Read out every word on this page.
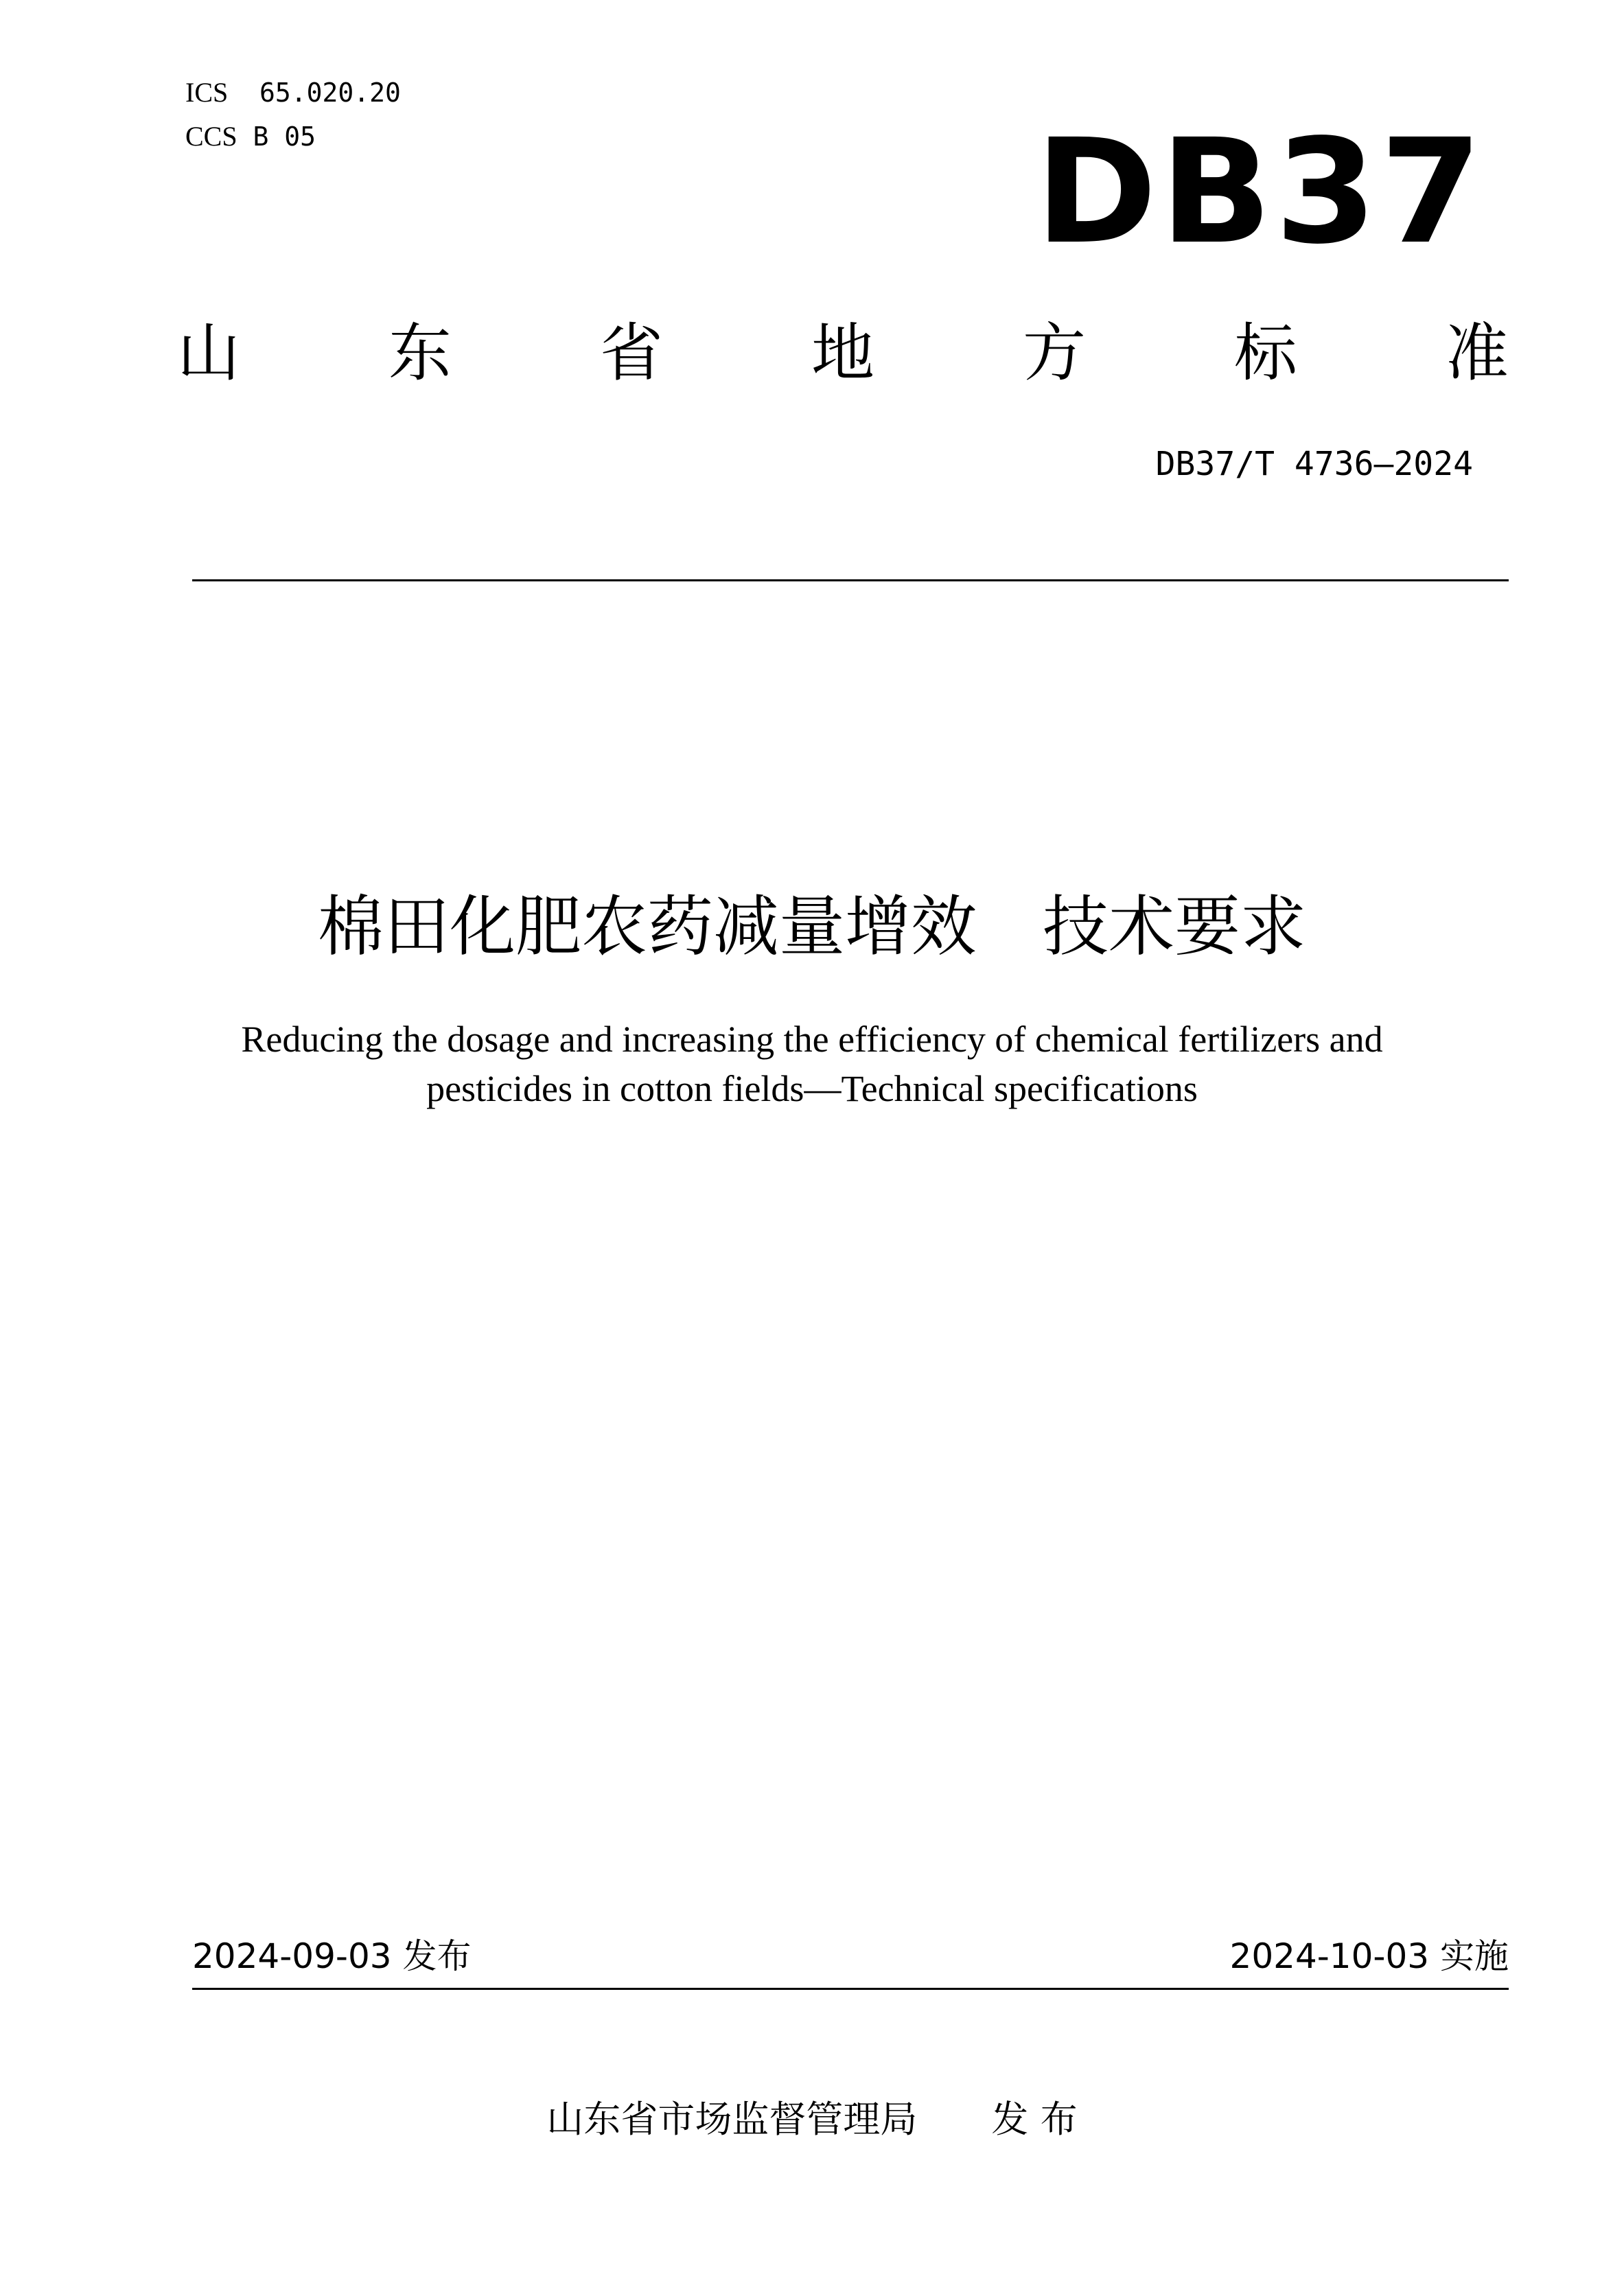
ICS 65.020.20
CCS B 05	DB37
山 东 省 地 方 标 准
DB37/T 4736—2024
棉田化肥农药减量增效　技术要求
Reducing the dosage and increasing the efficiency of chemical fertilizers and
pesticides in cotton fields—Technical specifications
2024-09-03 发布	2024-10-03 实施
山东省市场监督管理局　　发 布
